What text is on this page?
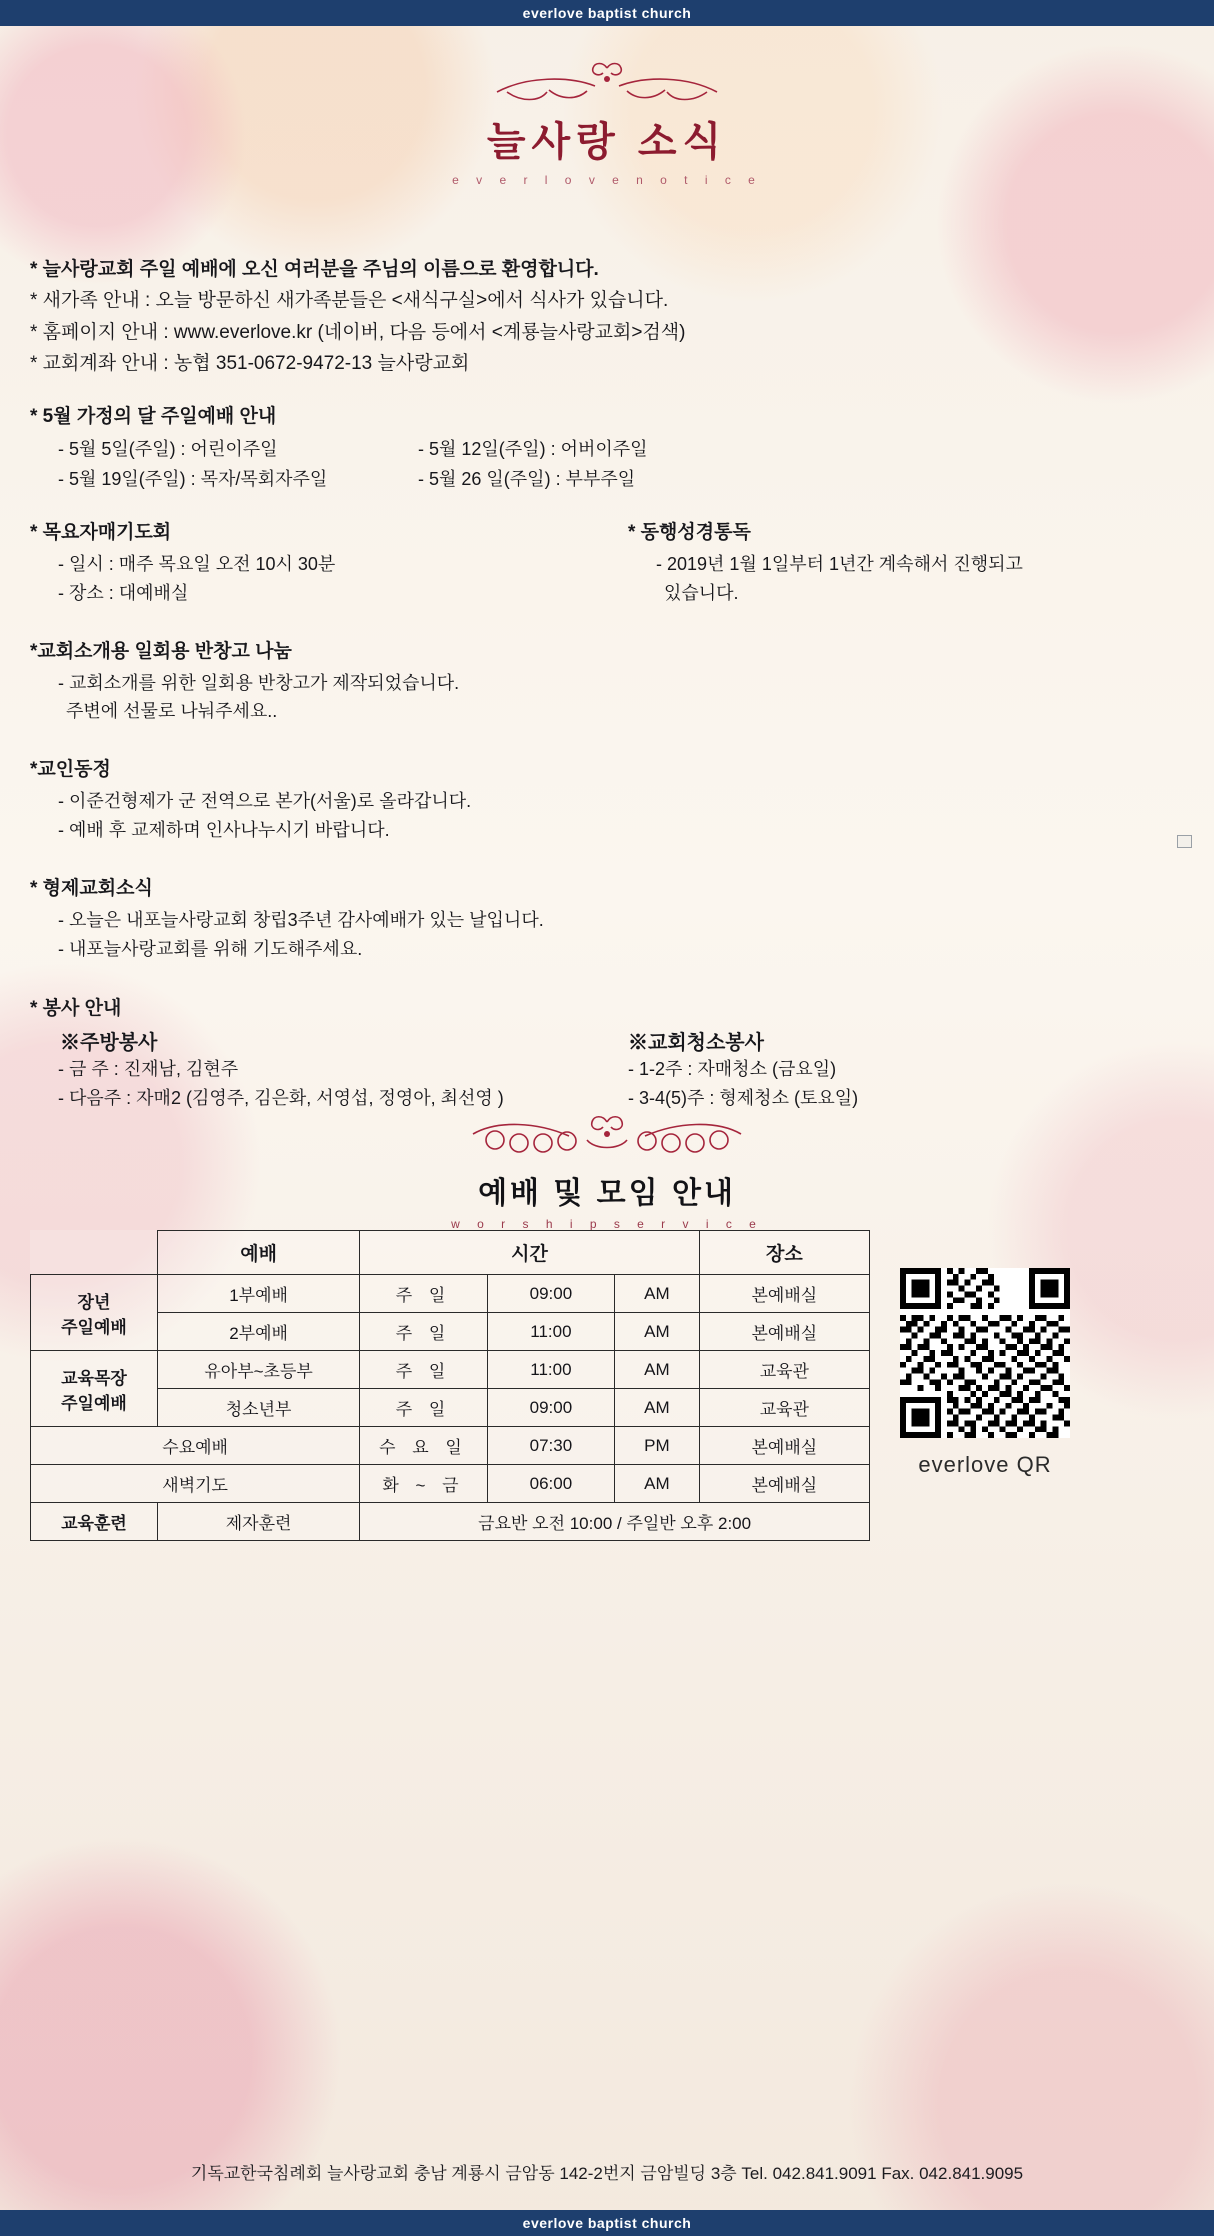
everlove baptist church
늘사랑 소식
e v e r l o v e n o t i c e

* 늘사랑교회 주일 예배에 오신 여러분을 주님의 이름으로 환영합니다.

* 새가족 안내 : 오늘 방문하신 새가족분들은 <새식구실>에서 식사가 있습니다.

* 홈페이지 안내 : www.everlove.kr (네이버, 다음 등에서 <계룡늘사랑교회>검색)

* 교회계좌 안내 : 농협 351-0672-9472-13 늘사랑교회

* 5월 가정의 달 주일예배 안내
- 5월 5일(주일) : 어린이주일	- 5월 12일(주일) : 어버이주일
- 5월 19일(주일) : 목자/목회자주일	- 5월 26 일(주일) : 부부주일
* 목요자매기도회
- 일시 : 매주 목요일 오전 10시 30분
- 장소 : 대예배실
* 동행성경통독
- 2019년 1월 1일부터 1년간 계속해서 진행되고
있습니다.
*교회소개용 일회용 반창고 나눔
- 교회소개를 위한 일회용 반창고가 제작되었습니다.
주변에 선물로 나눠주세요..
*교인동정
- 이준건형제가 군 전역으로 본가(서울)로 올라갑니다.
- 예배 후 교제하며 인사나누시기 바랍니다.
* 형제교회소식
- 오늘은 내포늘사랑교회 창립3주년 감사예배가 있는 날입니다.
- 내포늘사랑교회를 위해 기도해주세요.
* 봉사 안내
※주방봉사
- 금 주 : 진재남, 김현주
- 다음주 : 자매2 (김영주, 김은화, 서영섭, 정영아, 최선영 )
※교회청소봉사
- 1-2주 : 자매청소 (금요일)
- 3-4(5)주 : 형제청소 (토요일)
예배 및 모임 안내
w o r s h i p s e r v i c e
	예배	시간			장소
장년
주일예배	1부예배	주 일	09:00	AM	본예배실
	2부예배	주 일	11:00	AM	본예배실
교육목장
주일예배	유아부~초등부	주 일	11:00	AM	교육관
	청소년부	주 일	09:00	AM	교육관
수요예배		수 요 일	07:30	PM	본예배실
새벽기도		화 ~ 금	06:00	AM	본예배실
교육훈련	제자훈련	금요반 오전 10:00 / 주일반 오후 2:00			
everlove QR
기독교한국침례회 늘사랑교회 충남 계룡시 금암동 142-2번지 금암빌딩 3층 Tel. 042.841.9091 Fax. 042.841.9095
everlove baptist church
